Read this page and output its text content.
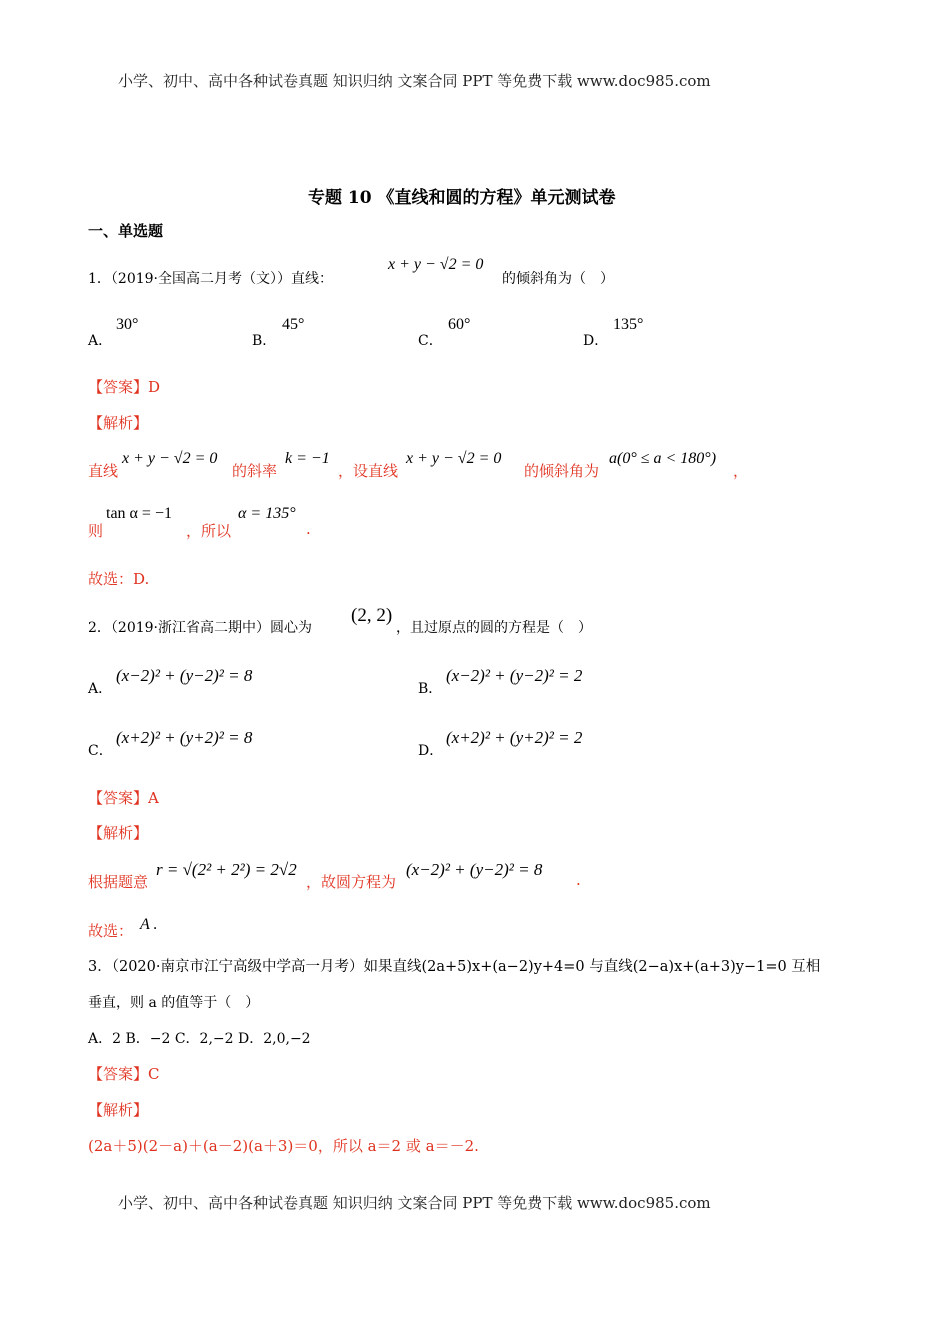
小学、初中、高中各种试卷真题 知识归纳 文案合同 PPT 等免费下载 www.doc985.com
专题 10 《直线和圆的方程》单元测试卷
一、单选题
1．（2019·全国高二月考（文））直线：
x + y − √2 = 0
的倾斜角为（　）
A．
30°
B．
45°
C．
60°
D．
135°
【答案】D
【解析】
直线
x + y − √2 = 0
的斜率
k = −1
，设直线
x + y − √2 = 0
的倾斜角为
a(0° ≤ a < 180°)
，
则
tan α = −1
，所以
α = 135°
.
故选：D.
2．（2019·浙江省高二期中）圆心为
(2, 2)
，且过原点的圆的方程是（　）
A．
(x−2)² + (y−2)² = 8
B．
(x−2)² + (y−2)² = 2
C．
(x+2)² + (y+2)² = 8
D．
(x+2)² + (y+2)² = 2
【答案】A
【解析】
根据题意
r = √(2² + 2²) = 2√2
，故圆方程为
(x−2)² + (y−2)² = 8
.
故选： A .
3．（2020·南京市江宁高级中学高一月考）如果直线(2a+5)x+(a−2)y+4=0 与直线(2−a)x+(a+3)y−1=0 互相
垂直，则 a 的值等于（　）
A．2 B．−2 C．2,−2 D．2,0,−2
【答案】C
【解析】
(2a＋5)(2－a)＋(a－2)(a＋3)＝0，所以 a＝2 或 a＝－2.
小学、初中、高中各种试卷真题 知识归纳 文案合同 PPT 等免费下载 www.doc985.com
